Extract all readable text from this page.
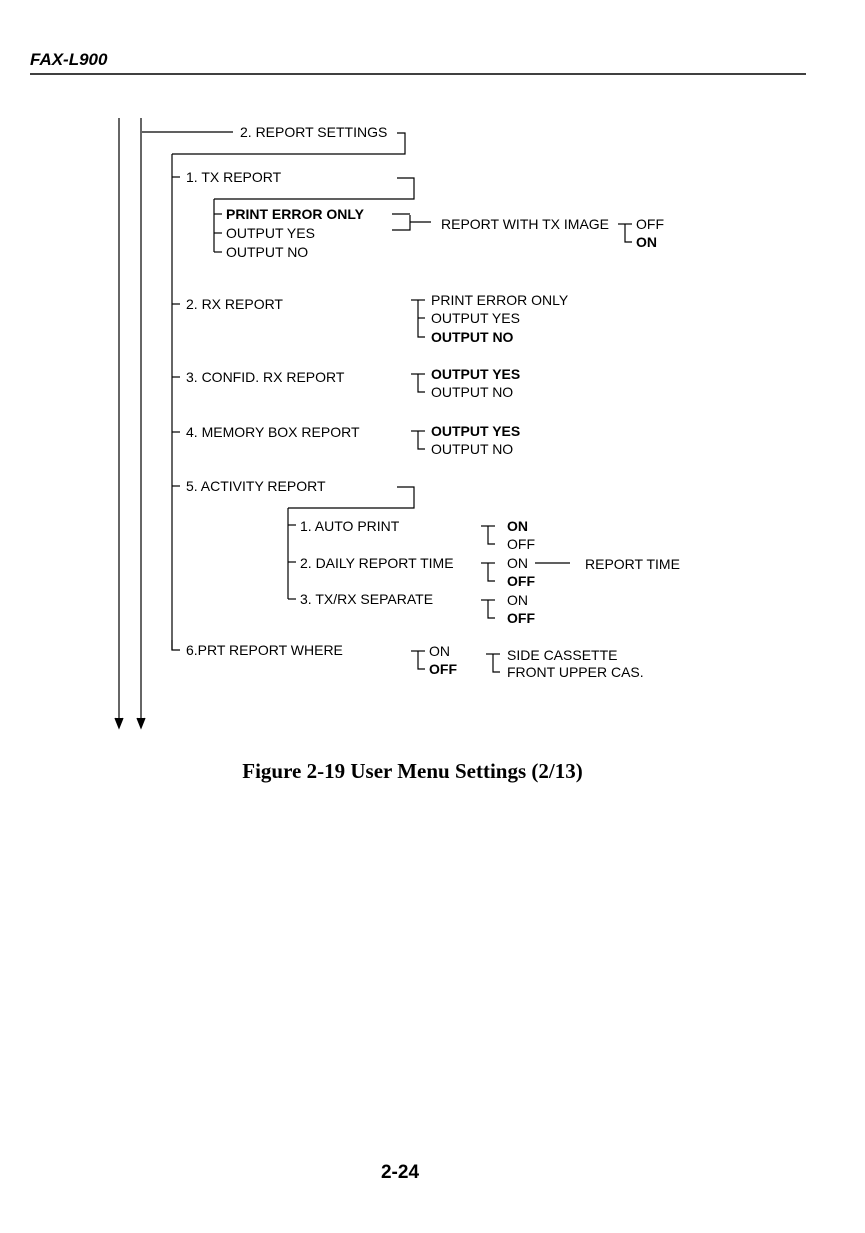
FAX-L900
2. REPORT SETTINGS
1. TX REPORT
PRINT ERROR ONLY
OUTPUT YES
OUTPUT NO
REPORT WITH TX IMAGE OFF
ON
2. RX REPORT	PRINT ERROR ONLY
OUTPUT YES
OUTPUT NO
3. CONFID. RX REPORT	OUTPUT YES
OUTPUT NO
4. MEMORY BOX REPORT	OUTPUT YES
OUTPUT NO
5. ACTIVITY REPORT
1. AUTO PRINT	ON
OFF
2. DAILY REPORT TIME	ON
OFF
REPORT TIME
3. TX/RX SEPARATE	ON
OFF
6.PRT REPORT WHERE	ON
OFF
SIDE CASSETTE
FRONT UPPER CAS.
Figure 2-19 User Menu Settings (2/13)
2-24
